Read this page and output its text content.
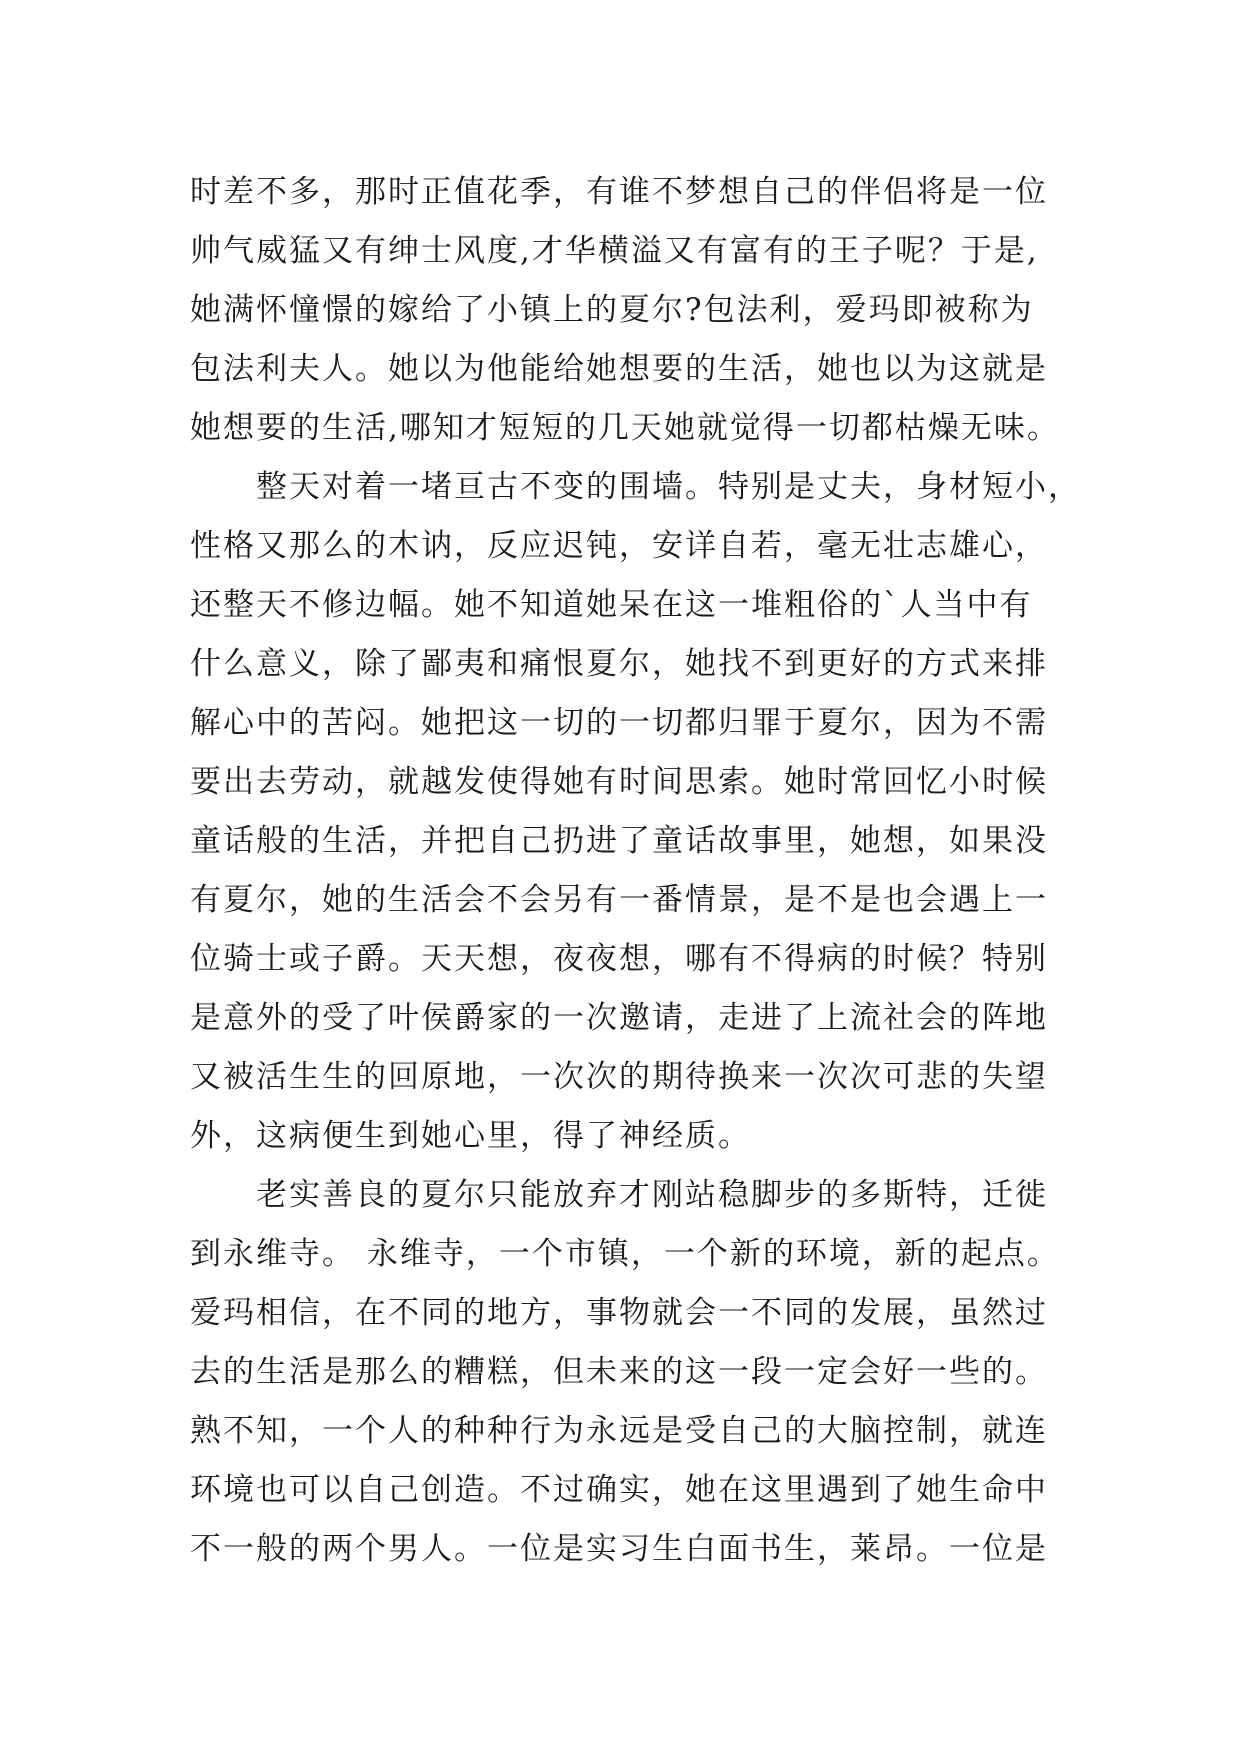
时差不多，那时正值花季，有谁不梦想自己的伴侣将是一位
帅气威猛又有绅士风度,才华横溢又有富有的王子呢？于是,
她满怀憧憬的嫁给了小镇上的夏尔?包法利，爱玛即被称为
包法利夫人。她以为他能给她想要的生活，她也以为这就是
她想要的生活,哪知才短短的几天她就觉得一切都枯燥无味。
　　整天对着一堵亘古不变的围墙。特别是丈夫，身材短小，
性格又那么的木讷，反应迟钝，安详自若，毫无壮志雄心，
还整天不修边幅。她不知道她呆在这一堆粗俗的`人当中有
什么意义，除了鄙夷和痛恨夏尔，她找不到更好的方式来排
解心中的苦闷。她把这一切的一切都归罪于夏尔，因为不需
要出去劳动，就越发使得她有时间思索。她时常回忆小时候
童话般的生活，并把自己扔进了童话故事里，她想，如果没
有夏尔，她的生活会不会另有一番情景，是不是也会遇上一
位骑士或子爵。天天想，夜夜想，哪有不得病的时候？特别
是意外的受了叶侯爵家的一次邀请，走进了上流社会的阵地
又被活生生的回原地，一次次的期待换来一次次可悲的失望
外，这病便生到她心里，得了神经质。
　　老实善良的夏尔只能放弃才刚站稳脚步的多斯特，迁徙
到永维寺。 永维寺，一个市镇，一个新的环境，新的起点。
爱玛相信，在不同的地方，事物就会一不同的发展，虽然过
去的生活是那么的糟糕，但未来的这一段一定会好一些的。
熟不知，一个人的种种行为永远是受自己的大脑控制，就连
环境也可以自己创造。不过确实，她在这里遇到了她生命中
不一般的两个男人。一位是实习生白面书生，莱昂。一位是
